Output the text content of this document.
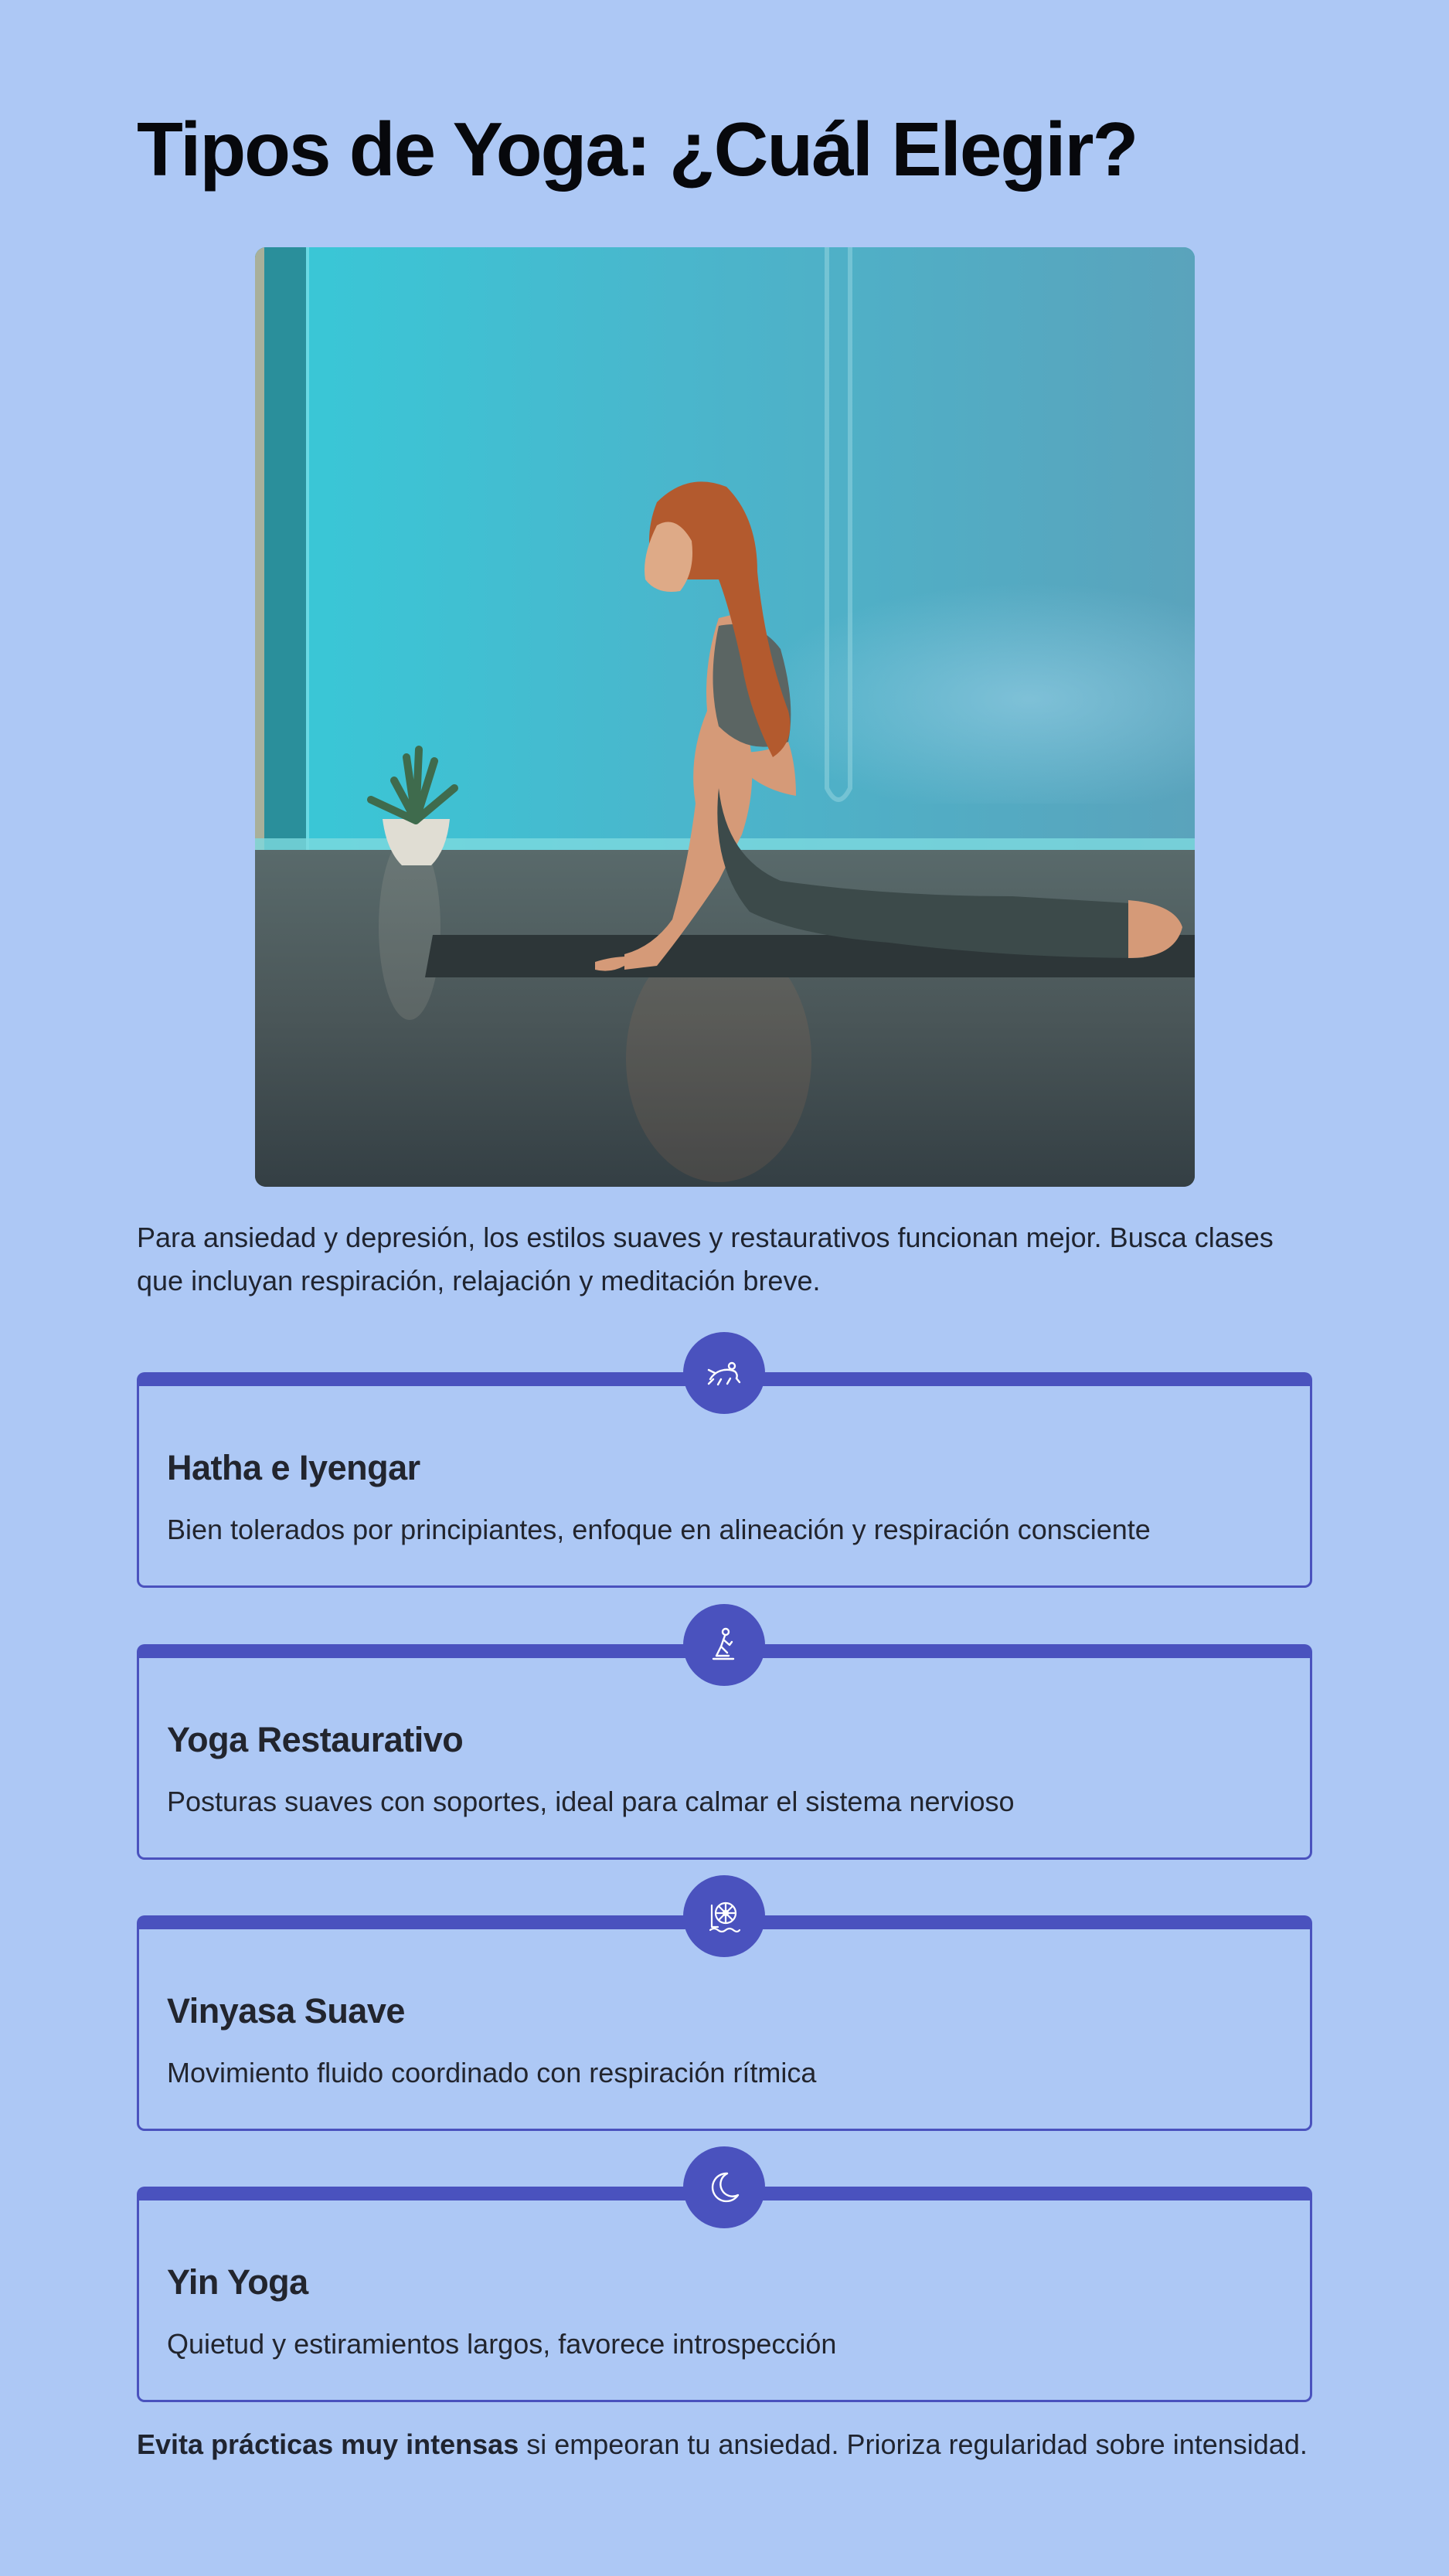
Tipos de Yoga: ¿Cuál Elegir?

Para ansiedad y depresión, los estilos suaves y restaurativos funcionan mejor. Busca clases que incluyan respiración, relajación y meditación breve.

Hatha e Iyengar

Bien tolerados por principiantes, enfoque en alineación y respiración consciente

Yoga Restaurativo

Posturas suaves con soportes, ideal para calmar el sistema nervioso

Vinyasa Suave

Movimiento fluido coordinado con respiración rítmica

Yin Yoga

Quietud y estiramientos largos, favorece introspección

Evita prácticas muy intensas si empeoran tu ansiedad. Prioriza regularidad sobre intensidad.
